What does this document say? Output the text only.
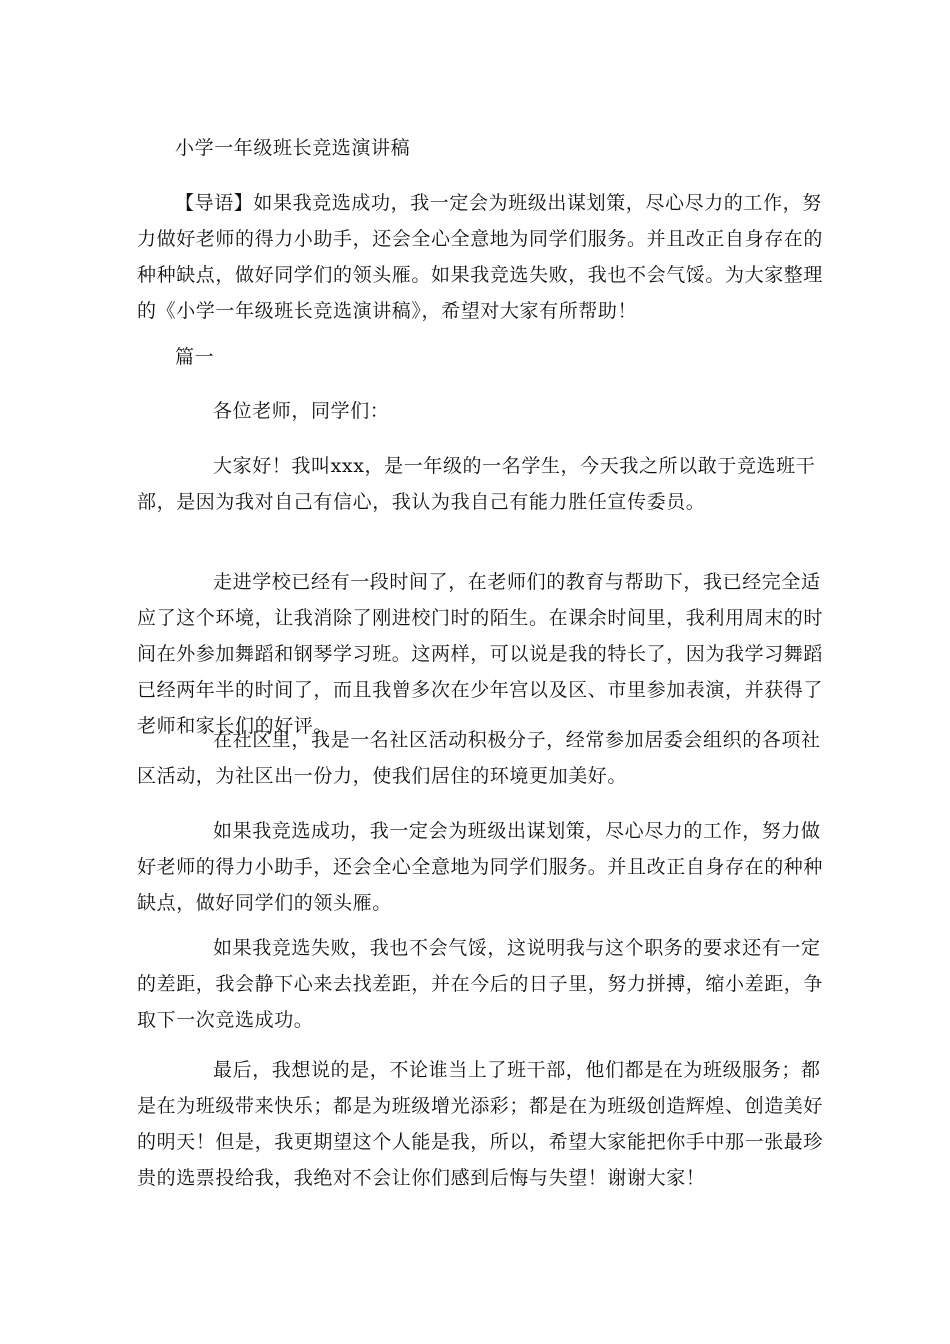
小学一年级班长竞选演讲稿
【导语】如果我竞选成功，我一定会为班级出谋划策，尽心尽力的工作，努
力做好老师的得力小助手，还会全心全意地为同学们服务。并且改正自身存在的
种种缺点，做好同学们的领头雁。如果我竞选失败，我也不会气馁。为大家整理
的《小学一年级班长竞选演讲稿》，希望对大家有所帮助！
篇一
各位老师，同学们：
大家好！我叫xxx，是一年级的一名学生，今天我之所以敢于竞选班干
部，是因为我对自己有信心，我认为我自己有能力胜任宣传委员。
走进学校已经有一段时间了，在老师们的教育与帮助下，我已经完全适
应了这个环境，让我消除了刚进校门时的陌生。在课余时间里，我利用周末的时
间在外参加舞蹈和钢琴学习班。这两样，可以说是我的特长了，因为我学习舞蹈
已经两年半的时间了，而且我曾多次在少年宫以及区、市里参加表演，并获得了
老师和家长们的好评。
在社区里，我是一名社区活动积极分子，经常参加居委会组织的各项社
区活动，为社区出一份力，使我们居住的环境更加美好。
如果我竞选成功，我一定会为班级出谋划策，尽心尽力的工作，努力做
好老师的得力小助手，还会全心全意地为同学们服务。并且改正自身存在的种种
缺点，做好同学们的领头雁。
如果我竞选失败，我也不会气馁，这说明我与这个职务的要求还有一定
的差距，我会静下心来去找差距，并在今后的日子里，努力拼搏，缩小差距，争
取下一次竞选成功。
最后，我想说的是，不论谁当上了班干部，他们都是在为班级服务；都
是在为班级带来快乐；都是为班级增光添彩；都是在为班级创造辉煌、创造美好
的明天！但是，我更期望这个人能是我，所以，希望大家能把你手中那一张最珍
贵的选票投给我，我绝对不会让你们感到后悔与失望！谢谢大家！
